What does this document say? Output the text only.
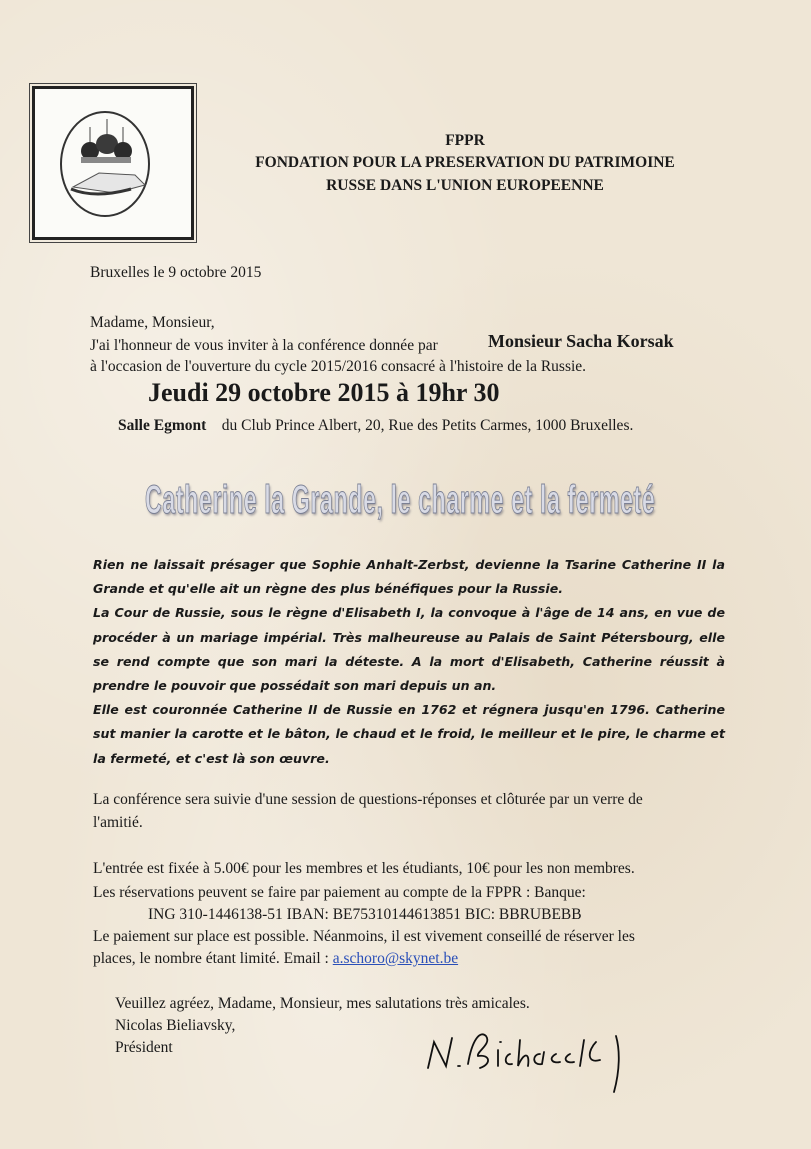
FPPR
FONDATION POUR LA PRESERVATION DU PATRIMOINE
RUSSE DANS L'UNION EUROPEENNE
Bruxelles le 9 octobre 2015
Madame, Monsieur,
J'ai l'honneur de vous inviter à la conférence donnée par	Monsieur Sacha Korsak
à l'occasion de l'ouverture du cycle 2015/2016 consacré à l'histoire de la Russie.
Jeudi 29 octobre 2015 à 19hr 30
Salle Egmont du Club Prince Albert, 20, Rue des Petits Carmes, 1000 Bruxelles.
Catherine la Grande, le charme et la fermeté

Rien ne laissait présager que Sophie Anhalt-Zerbst, devienne la Tsarine Catherine II la Grande et qu'elle ait un règne des plus bénéfiques pour la Russie.

La Cour de Russie, sous le règne d'Elisabeth I, la convoque à l'âge de 14 ans, en vue de procéder à un mariage impérial. Très malheureuse au Palais de Saint Pétersbourg, elle se rend compte que son mari la déteste. A la mort d'Elisabeth, Catherine réussit à prendre le pouvoir que possédait son mari depuis un an.

Elle est couronnée Catherine II de Russie en 1762 et régnera jusqu'en 1796. Catherine sut manier la carotte et le bâton, le chaud et le froid, le meilleur et le pire, le charme et la fermeté, et c'est là son œuvre.

La conférence sera suivie d'une session de questions-réponses et clôturée par un verre de
l'amitié.
L'entrée est fixée à 5.00€ pour les membres et les étudiants, 10€ pour les non membres.
Les réservations peuvent se faire par paiement au compte de la FPPR : Banque:
ING 310-1446138-51 IBAN: BE75310144613851 BIC: BBRUBEBB
Le paiement sur place est possible. Néanmoins, il est vivement conseillé de réserver les
places, le nombre étant limité. Email : a.schoro@skynet.be
Veuillez agréez, Madame, Monsieur, mes salutations très amicales.
Nicolas Bieliavsky,
Président
